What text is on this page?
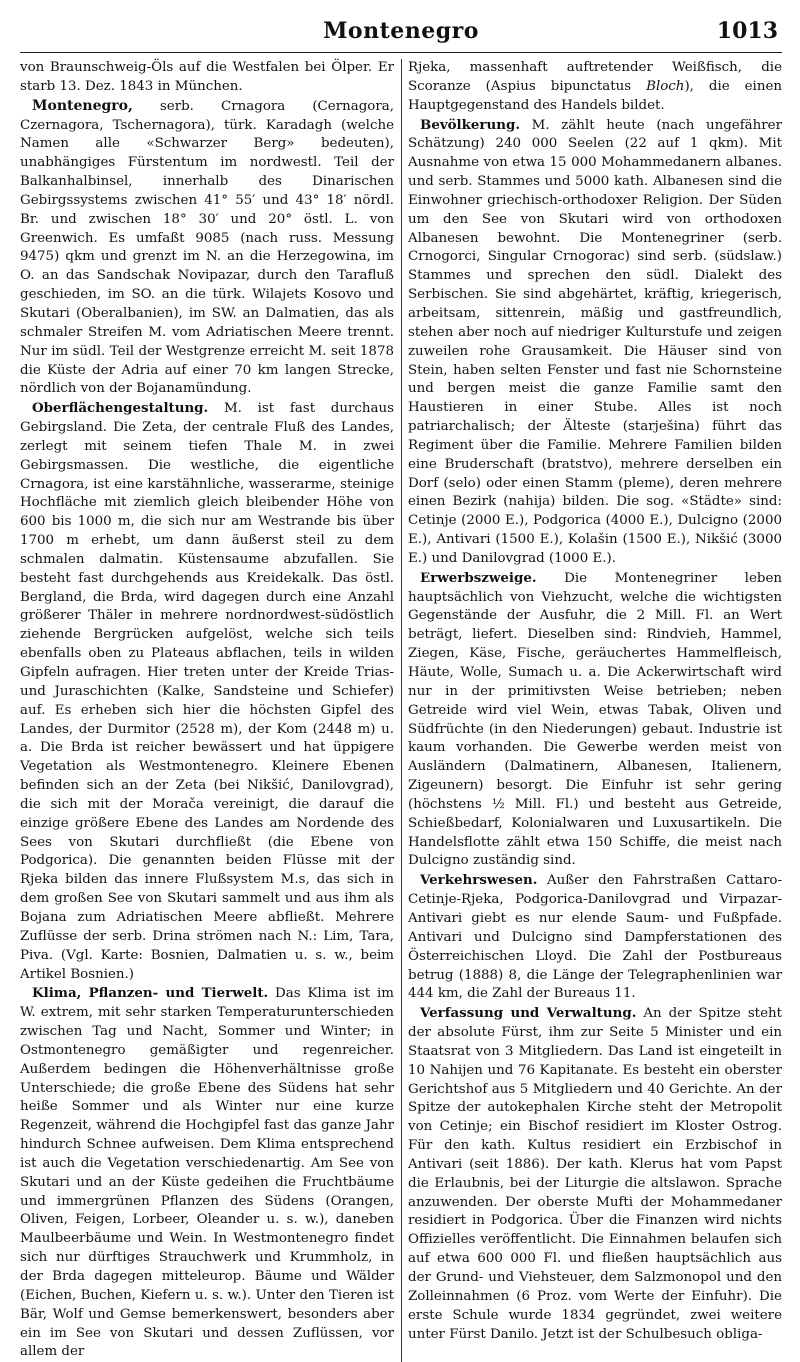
Montenegro	1013

von Braunschweig-Öls auf die Westfalen bei Ölper. Er starb 13. Dez. 1843 in München.

Montenegro, serb. Crnagora (Cernagora, Czernagora, Tschernagora), türk. Karadagh (welche Namen alle «Schwarzer Berg» bedeuten), unabhängiges Fürstentum im nordwestl. Teil der Balkanhalbinsel, innerhalb des Dinarischen Gebirgssystems zwischen 41° 55′ und 43° 18′ nördl. Br. und zwischen 18° 30′ und 20° östl. L. von Greenwich. Es umfaßt 9085 (nach russ. Messung 9475) qkm und grenzt im N. an die Herzegowina, im O. an das Sandschak Novipazar, durch den Tarafluß geschieden, im SO. an die türk. Wilajets Kosovo und Skutari (Oberalbanien), im SW. an Dalmatien, das als schmaler Streifen M. vom Adriatischen Meere trennt. Nur im südl. Teil der Westgrenze erreicht M. seit 1878 die Küste der Adria auf einer 70 km langen Strecke, nördlich von der Bojanamündung.

Oberflächengestaltung. M. ist fast durchaus Gebirgsland. Die Zeta, der centrale Fluß des Landes, zerlegt mit seinem tiefen Thale M. in zwei Gebirgsmassen. Die westliche, die eigentliche Crnagora, ist eine karstähnliche, wasserarme, steinige Hochfläche mit ziemlich gleich bleibender Höhe von 600 bis 1000 m, die sich nur am Westrande bis über 1700 m erhebt, um dann äußerst steil zu dem schmalen dalmatin. Küstensaume abzufallen. Sie besteht fast durchgehends aus Kreidekalk. Das östl. Bergland, die Brda, wird dagegen durch eine Anzahl größerer Thäler in mehrere nordnordwest-südöstlich ziehende Bergrücken aufgelöst, welche sich teils ebenfalls oben zu Plateaus abflachen, teils in wilden Gipfeln aufragen. Hier treten unter der Kreide Trias- und Juraschichten (Kalke, Sandsteine und Schiefer) auf. Es erheben sich hier die höchsten Gipfel des Landes, der Durmitor (2528 m), der Kom (2448 m) u. a. Die Brda ist reicher bewässert und hat üppigere Vegetation als Westmontenegro. Kleinere Ebenen befinden sich an der Zeta (bei Nikšić, Danilovgrad), die sich mit der Morača vereinigt, die darauf die einzige größere Ebene des Landes am Nordende des Sees von Skutari durchfließt (die Ebene von Podgorica). Die genannten beiden Flüsse mit der Rjeka bilden das innere Flußsystem M.s, das sich in dem großen See von Skutari sammelt und aus ihm als Bojana zum Adriatischen Meere abfließt. Mehrere Zuflüsse der serb. Drina strömen nach N.: Lim, Tara, Piva. (Vgl. Karte: Bosnien, Dalmatien u. s. w., beim Artikel Bosnien.)

Klima, Pflanzen- und Tierwelt. Das Klima ist im W. extrem, mit sehr starken Temperaturunterschieden zwischen Tag und Nacht, Sommer und Winter; in Ostmontenegro gemäßigter und regenreicher. Außerdem bedingen die Höhenverhältnisse große Unterschiede; die große Ebene des Südens hat sehr heiße Sommer und als Winter nur eine kurze Regenzeit, während die Hochgipfel fast das ganze Jahr hindurch Schnee aufweisen. Dem Klima entsprechend ist auch die Vegetation verschiedenartig. Am See von Skutari und an der Küste gedeihen die Fruchtbäume und immergrünen Pflanzen des Südens (Orangen, Oliven, Feigen, Lorbeer, Oleander u. s. w.), daneben Maulbeerbäume und Wein. In Westmontenegro findet sich nur dürftiges Strauchwerk und Krummholz, in der Brda dagegen mitteleurop. Bäume und Wälder (Eichen, Buchen, Kiefern u. s. w.). Unter den Tieren ist Bär, Wolf und Gemse bemerkenswert, besonders aber ein im See von Skutari und dessen Zuflüssen, vor allem der

Rjeka, massenhaft auftretender Weißfisch, die Scoranze (Aspius bipunctatus Bloch), die einen Hauptgegenstand des Handels bildet.

Bevölkerung. M. zählt heute (nach ungefährer Schätzung) 240 000 Seelen (22 auf 1 qkm). Mit Ausnahme von etwa 15 000 Mohammedanern albanes. und serb. Stammes und 5000 kath. Albanesen sind die Einwohner griechisch-orthodoxer Religion. Der Süden um den See von Skutari wird von orthodoxen Albanesen bewohnt. Die Montenegriner (serb. Crnogorci, Singular Crnogorac) sind serb. (südslaw.) Stammes und sprechen den südl. Dialekt des Serbischen. Sie sind abgehärtet, kräftig, kriegerisch, arbeitsam, sittenrein, mäßig und gastfreundlich, stehen aber noch auf niedriger Kulturstufe und zeigen zuweilen rohe Grausamkeit. Die Häuser sind von Stein, haben selten Fenster und fast nie Schornsteine und bergen meist die ganze Familie samt den Haustieren in einer Stube. Alles ist noch patriarchalisch; der Älteste (starješina) führt das Regiment über die Familie. Mehrere Familien bilden eine Bruderschaft (bratstvo), mehrere derselben ein Dorf (selo) oder einen Stamm (pleme), deren mehrere einen Bezirk (nahija) bilden. Die sog. «Städte» sind: Cetinje (2000 E.), Podgorica (4000 E.), Dulcigno (2000 E.), Antivari (1500 E.), Kolašin (1500 E.), Nikšić (3000 E.) und Danilovgrad (1000 E.).

Erwerbszweige. Die Montenegriner leben hauptsächlich von Viehzucht, welche die wichtigsten Gegenstände der Ausfuhr, die 2 Mill. Fl. an Wert beträgt, liefert. Dieselben sind: Rindvieh, Hammel, Ziegen, Käse, Fische, geräuchertes Hammelfleisch, Häute, Wolle, Sumach u. a. Die Ackerwirtschaft wird nur in der primitivsten Weise betrieben; neben Getreide wird viel Wein, etwas Tabak, Oliven und Südfrüchte (in den Niederungen) gebaut. Industrie ist kaum vorhanden. Die Gewerbe werden meist von Ausländern (Dalmatinern, Albanesen, Italienern, Zigeunern) besorgt. Die Einfuhr ist sehr gering (höchstens ½ Mill. Fl.) und besteht aus Getreide, Schießbedarf, Kolonialwaren und Luxusartikeln. Die Handelsflotte zählt etwa 150 Schiffe, die meist nach Dulcigno zuständig sind.

Verkehrswesen. Außer den Fahrstraßen Cattaro-Cetinje-Rjeka, Podgorica-Danilovgrad und Virpazar-Antivari giebt es nur elende Saum- und Fußpfade. Antivari und Dulcigno sind Dampferstationen des Österreichischen Lloyd. Die Zahl der Postbureaus betrug (1888) 8, die Länge der Telegraphenlinien war 444 km, die Zahl der Bureaus 11.

Verfassung und Verwaltung. An der Spitze steht der absolute Fürst, ihm zur Seite 5 Minister und ein Staatsrat von 3 Mitgliedern. Das Land ist eingeteilt in 10 Nahijen und 76 Kapitanate. Es besteht ein oberster Gerichtshof aus 5 Mitgliedern und 40 Gerichte. An der Spitze der autokephalen Kirche steht der Metropolit von Cetinje; ein Bischof residiert im Kloster Ostrog. Für den kath. Kultus residiert ein Erzbischof in Antivari (seit 1886). Der kath. Klerus hat vom Papst die Erlaubnis, bei der Liturgie die altslawon. Sprache anzuwenden. Der oberste Mufti der Mohammedaner residiert in Podgorica. Über die Finanzen wird nichts Offizielles veröffentlicht. Die Einnahmen belaufen sich auf etwa 600 000 Fl. und fließen hauptsächlich aus der Grund- und Viehsteuer, dem Salzmonopol und den Zolleinnahmen (6 Proz. vom Werte der Einfuhr). Die erste Schule wurde 1834 gegründet, zwei weitere unter Fürst Danilo. Jetzt ist der Schulbesuch obliga-
